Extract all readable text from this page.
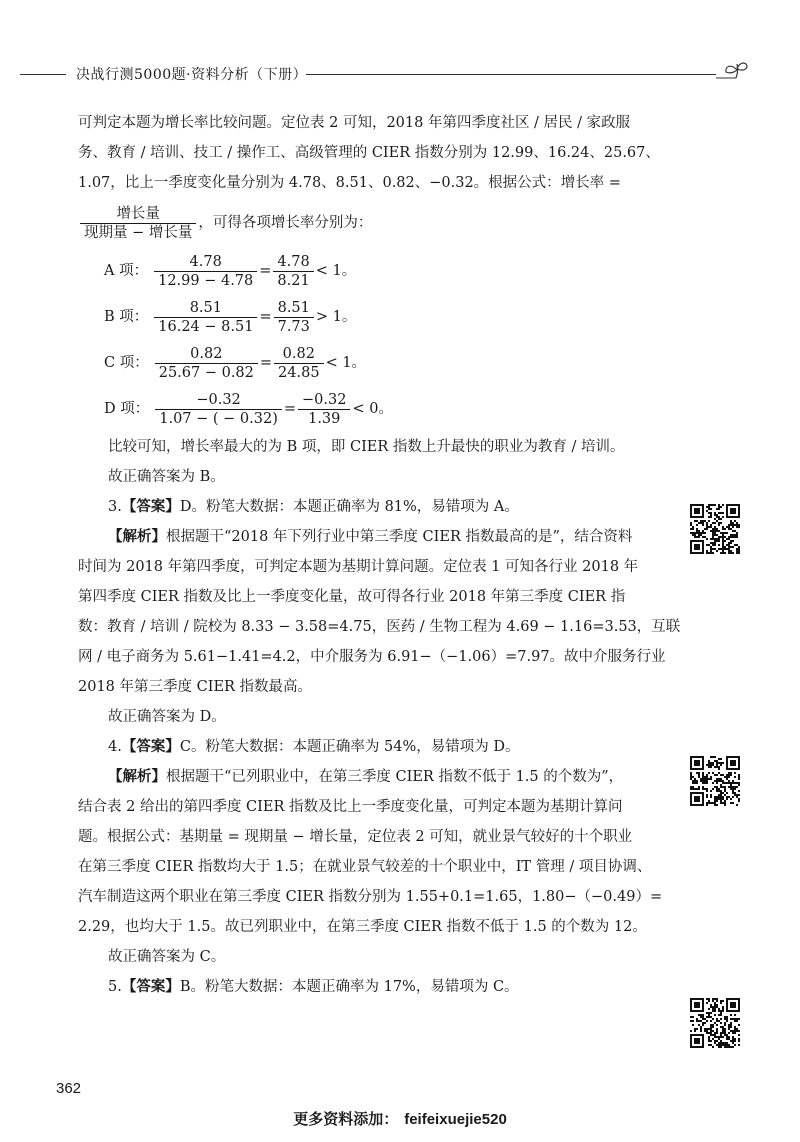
决战行测5000题·资料分析（下册）
可判定本题为增长率比较问题。定位表 2 可知，2018 年第四季度社区 / 居民 / 家政服
务、教育 / 培训、技工 / 操作工、高级管理的 CIER 指数分别为 12.99、16.24、25.67、
1.07，比上一季度变化量分别为 4.78、8.51、0.82、−0.32。根据公式：增长率 =
$\frac{\text{增长量}}{\text{现期量 − 增长量}}$ ，可得各项增长率分别为：
A 项： $\frac{4.78}{12.99 - 4.78} = \frac{4.78}{8.21} < 1$。
B 项： $\frac{8.51}{16.24 - 8.51} = \frac{8.51}{7.73} > 1$。
C 项： $\frac{0.82}{25.67 - 0.82} = \frac{0.82}{24.85} < 1$。
D 项： $\frac{-0.32}{1.07 - ( - 0.32)} = \frac{-0.32}{1.39} < 0$。
比较可知，增长率最大的为 B 项，即 CIER 指数上升最快的职业为教育 / 培训。
故正确答案为 B。
3.【答案】D。粉笔大数据：本题正确率为 81%，易错项为 A。
【解析】根据题干“2018 年下列行业中第三季度 CIER 指数最高的是”，结合资料
时间为 2018 年第四季度，可判定本题为基期计算问题。定位表 1 可知各行业 2018 年
第四季度 CIER 指数及比上一季度变化量，故可得各行业 2018 年第三季度 CIER 指
数：教育 / 培训 / 院校为 8.33 − 3.58=4.75，医药 / 生物工程为 4.69 − 1.16=3.53，互联
网 / 电子商务为 5.61−1.41=4.2，中介服务为 6.91−（−1.06）=7.97。故中介服务行业
2018 年第三季度 CIER 指数最高。
故正确答案为 D。
4.【答案】C。粉笔大数据：本题正确率为 54%，易错项为 D。
【解析】根据题干“已列职业中，在第三季度 CIER 指数不低于 1.5 的个数为”，
结合表 2 给出的第四季度 CIER 指数及比上一季度变化量，可判定本题为基期计算问
题。根据公式：基期量 = 现期量 − 增长量，定位表 2 可知，就业景气较好的十个职业
在第三季度 CIER 指数均大于 1.5；在就业景气较差的十个职业中，IT 管理 / 项目协调、
汽车制造这两个职业在第三季度 CIER 指数分别为 1.55+0.1=1.65，1.80−（−0.49）=
2.29，也均大于 1.5。故已列职业中，在第三季度 CIER 指数不低于 1.5 的个数为 12。
故正确答案为 C。
5.【答案】B。粉笔大数据：本题正确率为 17%，易错项为 C。
362
更多资料添加： feifeixuejie520
